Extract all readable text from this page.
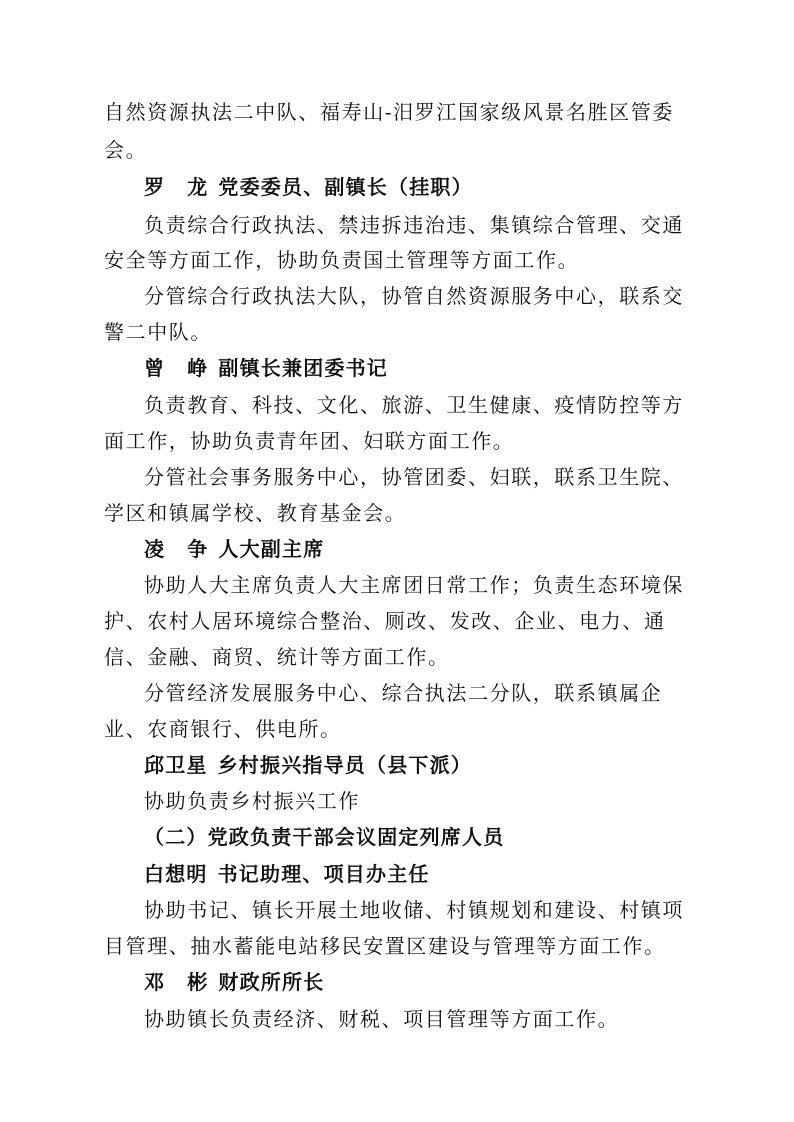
自然资源执法二中队、福寿山-汨罗江国家级风景名胜区管委
会。
罗 龙 党委委员、副镇长（挂职）
负责综合行政执法、禁违拆违治违、集镇综合管理、交通
安全等方面工作，协助负责国土管理等方面工作。
分管综合行政执法大队，协管自然资源服务中心，联系交
警二中队。
曾 峥 副镇长兼团委书记
负责教育、科技、文化、旅游、卫生健康、疫情防控等方
面工作，协助负责青年团、妇联方面工作。
分管社会事务服务中心，协管团委、妇联，联系卫生院、
学区和镇属学校、教育基金会。
凌 争 人大副主席
协助人大主席负责人大主席团日常工作；负责生态环境保
护、农村人居环境综合整治、厕改、发改、企业、电力、通
信、金融、商贸、统计等方面工作。
分管经济发展服务中心、综合执法二分队，联系镇属企
业、农商银行、供电所。
邱卫星 乡村振兴指导员（县下派）
协助负责乡村振兴工作
（二）党政负责干部会议固定列席人员
白想明 书记助理、项目办主任
协助书记、镇长开展土地收储、村镇规划和建设、村镇项
目管理、抽水蓄能电站移民安置区建设与管理等方面工作。
邓 彬 财政所所长
协助镇长负责经济、财税、项目管理等方面工作。
